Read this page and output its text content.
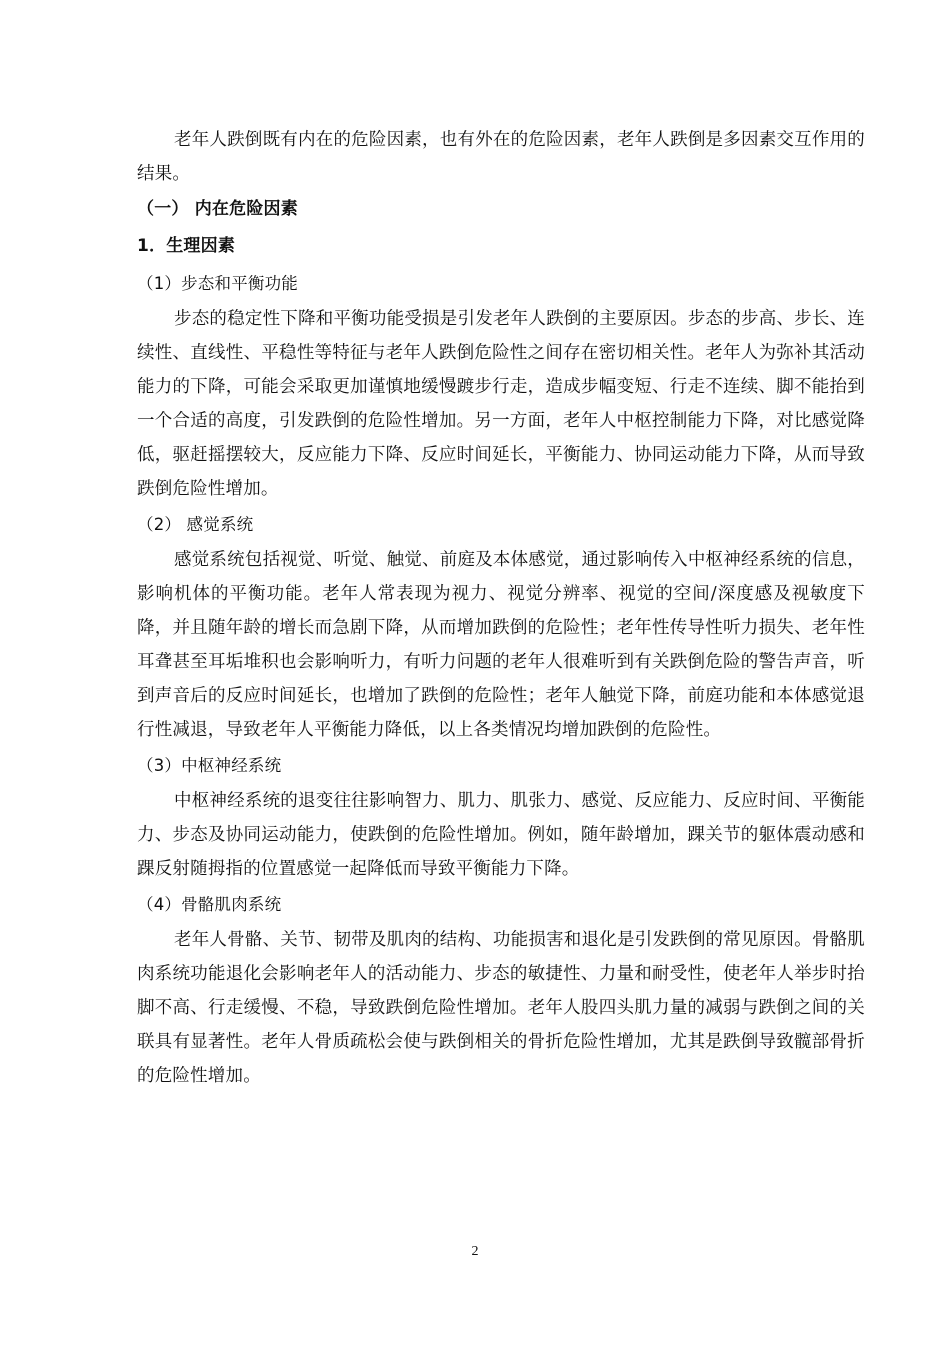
老年人跌倒既有内在的危险因素，也有外在的危险因素，老年人跌倒是多因素交互作用的结果。

（一） 内在危险因素

1．生理因素

（1）步态和平衡功能

步态的稳定性下降和平衡功能受损是引发老年人跌倒的主要原因。步态的步高、步长、连续性、直线性、平稳性等特征与老年人跌倒危险性之间存在密切相关性。老年人为弥补其活动能力的下降，可能会采取更加谨慎地缓慢踱步行走，造成步幅变短、行走不连续、脚不能抬到一个合适的高度，引发跌倒的危险性增加。另一方面，老年人中枢控制能力下降，对比感觉降低，驱赶摇摆较大，反应能力下降、反应时间延长，平衡能力、协同运动能力下降，从而导致跌倒危险性增加。

（2） 感觉系统

感觉系统包括视觉、听觉、触觉、前庭及本体感觉，通过影响传入中枢神经系统的信息，影响机体的平衡功能。老年人常表现为视力、视觉分辨率、视觉的空间/深度感及视敏度下降，并且随年龄的增长而急剧下降，从而增加跌倒的危险性；老年性传导性听力损失、老年性耳聋甚至耳垢堆积也会影响听力，有听力问题的老年人很难听到有关跌倒危险的警告声音，听到声音后的反应时间延长，也增加了跌倒的危险性；老年人触觉下降，前庭功能和本体感觉退行性减退，导致老年人平衡能力降低，以上各类情况均增加跌倒的危险性。

（3）中枢神经系统

中枢神经系统的退变往往影响智力、肌力、肌张力、感觉、反应能力、反应时间、平衡能力、步态及协同运动能力，使跌倒的危险性增加。例如，随年龄增加，踝关节的躯体震动感和踝反射随拇指的位置感觉一起降低而导致平衡能力下降。

（4）骨骼肌肉系统

老年人骨骼、关节、韧带及肌肉的结构、功能损害和退化是引发跌倒的常见原因。骨骼肌肉系统功能退化会影响老年人的活动能力、步态的敏捷性、力量和耐受性，使老年人举步时抬脚不高、行走缓慢、不稳，导致跌倒危险性增加。老年人股四头肌力量的减弱与跌倒之间的关联具有显著性。老年人骨质疏松会使与跌倒相关的骨折危险性增加，尤其是跌倒导致髋部骨折的危险性增加。

2
